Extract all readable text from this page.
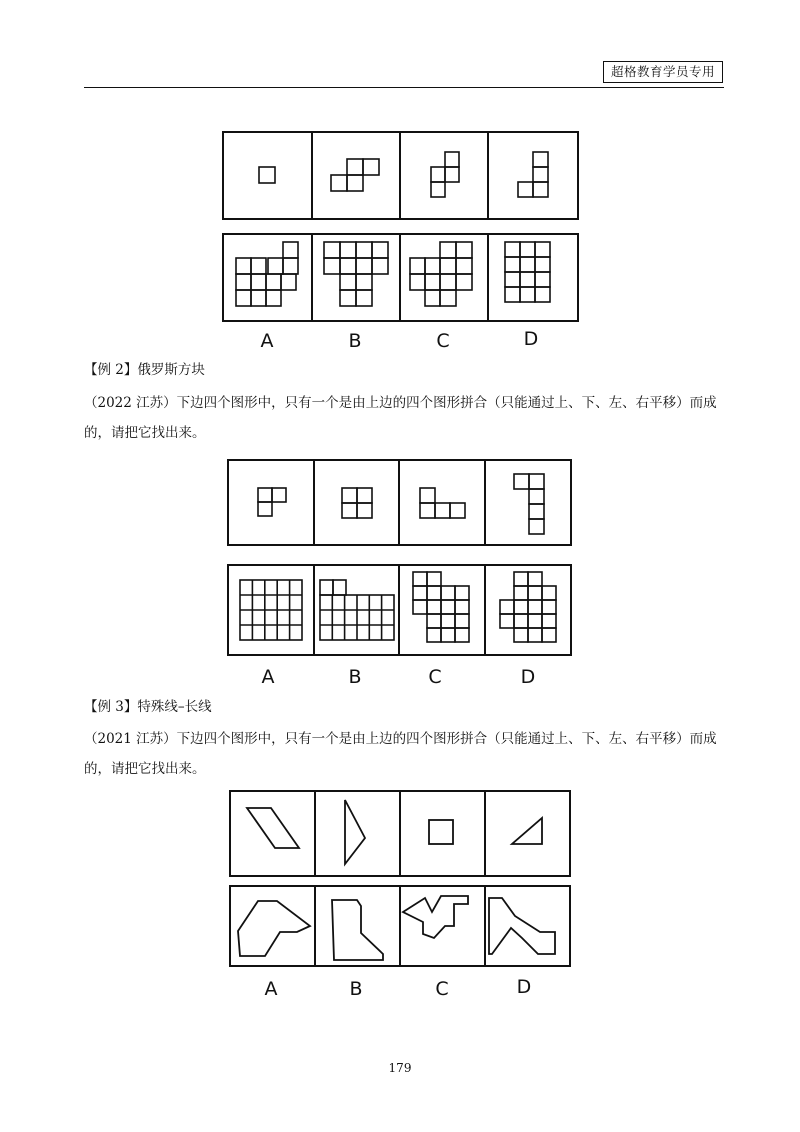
超格教育学员专用
A	B	C	D
【例 2】俄罗斯方块
（2022 江苏）下边四个图形中，只有一个是由上边的四个图形拼合（只能通过上、下、左、右平移）而成
的，请把它找出来。
A	B	C	D
【例 3】特殊线–长线
（2021 江苏）下边四个图形中，只有一个是由上边的四个图形拼合（只能通过上、下、左、右平移）而成
的，请把它找出来。
A	B	C	D
179
